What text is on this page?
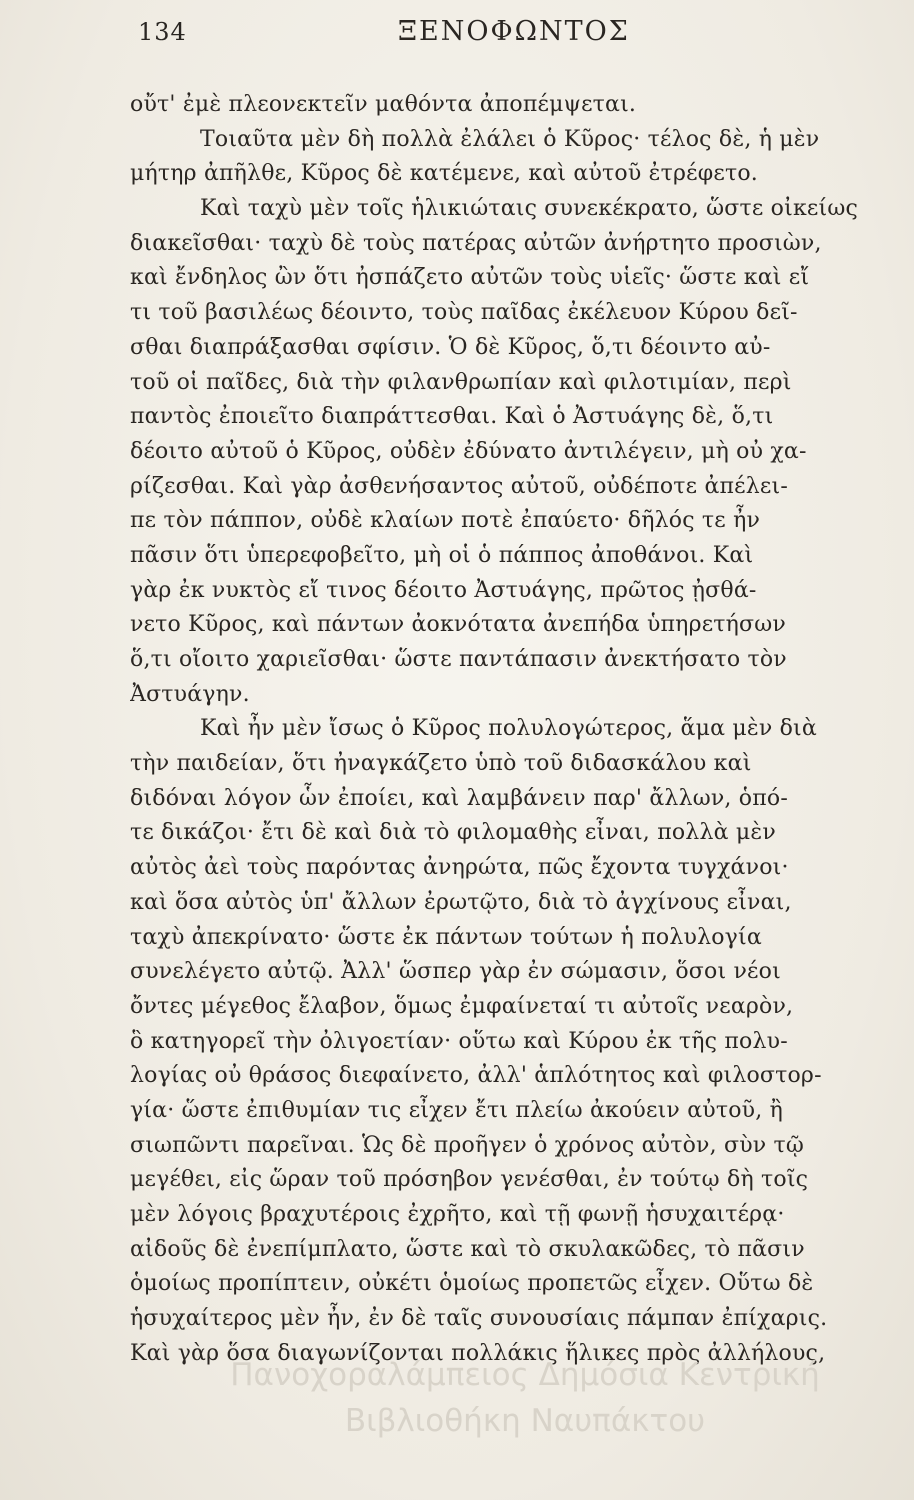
134	ΞΕΝΟΦΩΝΤΟΣ
οὔτ' ἐμὲ πλεονεκτεῖν μαθόντα ἀποπέμψεται.
Τοιαῦτα μὲν δὴ πολλὰ ἐλάλει ὁ Κῦρος· τέλος δὲ, ἡ μὲν
μήτηρ ἀπῆλθε, Κῦρος δὲ κατέμενε, καὶ αὐτοῦ ἐτρέφετο.
Καὶ ταχὺ μὲν τοῖς ἡλικιώταις συνεκέκρατο, ὥστε οἰκείως
διακεῖσθαι· ταχὺ δὲ τοὺς πατέρας αὐτῶν ἀνήρτητο προσιὼν,
καὶ ἔνδηλος ὢν ὅτι ἠσπάζετο αὐτῶν τοὺς υἱεῖς· ὥστε καὶ εἴ
τι τοῦ βασιλέως δέοιντο, τοὺς παῖδας ἐκέλευον Κύρου δεῖ-
σθαι διαπράξασθαι σφίσιν. Ὁ δὲ Κῦρος, ὅ,τι δέοιντο αὐ-
τοῦ οἱ παῖδες, διὰ τὴν φιλανθρωπίαν καὶ φιλοτιμίαν, περὶ
παντὸς ἐποιεῖτο διαπράττεσθαι. Καὶ ὁ Ἀστυάγης δὲ, ὅ,τι
δέοιτο αὐτοῦ ὁ Κῦρος, οὐδὲν ἐδύνατο ἀντιλέγειν, μὴ οὐ χα-
ρίζεσθαι. Καὶ γὰρ ἀσθενήσαντος αὐτοῦ, οὐδέποτε ἀπέλει-
πε τὸν πάππον, οὐδὲ κλαίων ποτὲ ἐπαύετο· δῆλός τε ἦν
πᾶσιν ὅτι ὑπερεφοβεῖτο, μὴ οἱ ὁ πάππος ἀποθάνοι. Καὶ
γὰρ ἐκ νυκτὸς εἴ τινος δέοιτο Ἀστυάγης, πρῶτος ᾐσθά-
νετο Κῦρος, καὶ πάντων ἀοκνότατα ἀνεπήδα ὑπηρετήσων
ὅ,τι οἴοιτο χαριεῖσθαι· ὥστε παντάπασιν ἀνεκτήσατο τὸν
Ἀστυάγην.
Καὶ ἦν μὲν ἴσως ὁ Κῦρος πολυλογώτερος, ἅμα μὲν διὰ
τὴν παιδείαν, ὅτι ἠναγκάζετο ὑπὸ τοῦ διδασκάλου καὶ
διδόναι λόγον ὧν ἐποίει, καὶ λαμβάνειν παρ' ἄλλων, ὁπό-
τε δικάζοι· ἔτι δὲ καὶ διὰ τὸ φιλομαθὴς εἶναι, πολλὰ μὲν
αὐτὸς ἀεὶ τοὺς παρόντας ἀνηρώτα, πῶς ἔχοντα τυγχάνοι·
καὶ ὅσα αὐτὸς ὑπ' ἄλλων ἐρωτῷτο, διὰ τὸ ἀγχίνους εἶναι,
ταχὺ ἀπεκρίνατο· ὥστε ἐκ πάντων τούτων ἡ πολυλογία
συνελέγετο αὐτῷ. Ἀλλ' ὥσπερ γὰρ ἐν σώμασιν, ὅσοι νέοι
ὄντες μέγεθος ἔλαβον, ὅμως ἐμφαίνεταί τι αὐτοῖς νεαρὸν,
ὃ κατηγορεῖ τὴν ὀλιγοετίαν· οὕτω καὶ Κύρου ἐκ τῆς πολυ-
λογίας οὐ θράσος διεφαίνετο, ἀλλ' ἁπλότητος καὶ φιλοστορ-
γία· ὥστε ἐπιθυμίαν τις εἶχεν ἔτι πλείω ἀκούειν αὐτοῦ, ἢ
σιωπῶντι παρεῖναι. Ὡς δὲ προῆγεν ὁ χρόνος αὐτὸν, σὺν τῷ
μεγέθει, εἰς ὥραν τοῦ πρόσηβον γενέσθαι, ἐν τούτῳ δὴ τοῖς
μὲν λόγοις βραχυτέροις ἐχρῆτο, καὶ τῇ φωνῇ ἡσυχαιτέρᾳ·
αἰδοῦς δὲ ἐνεπίμπλατο, ὥστε καὶ τὸ σκυλακῶδες, τὸ πᾶσιν
ὁμοίως προπίπτειν, οὐκέτι ὁμοίως προπετῶς εἶχεν. Οὕτω δὲ
ἡσυχαίτερος μὲν ἦν, ἐν δὲ ταῖς συνουσίαις πάμπαν ἐπίχαρις.
Καὶ γὰρ ὅσα διαγωνίζονται πολλάκις ἥλικες πρὸς ἀλλήλους,
Πανοχοραλάμπειος Δημόσια Κεντρική
Βιβλιοθήκη Ναυπάκτου
